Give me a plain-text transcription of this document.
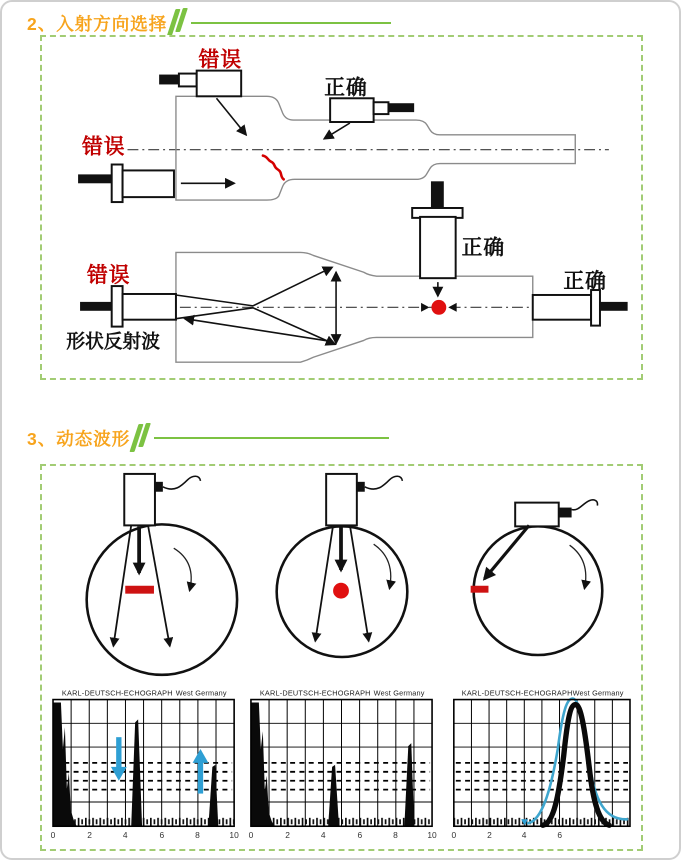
2、入射方向选择
错误
正确
错误
错误
形状反射波
正确
正确
3、动态波形
KARL-DEUTSCH-ECHOGRAPH West Germany
0	2	4	6	8	10
KARL-DEUTSCH-ECHOGRAPH West Germany
0	2	4	6	8	10
KARL-DEUTSCH-ECHOGRAPH West Germany
0	2	4	6
